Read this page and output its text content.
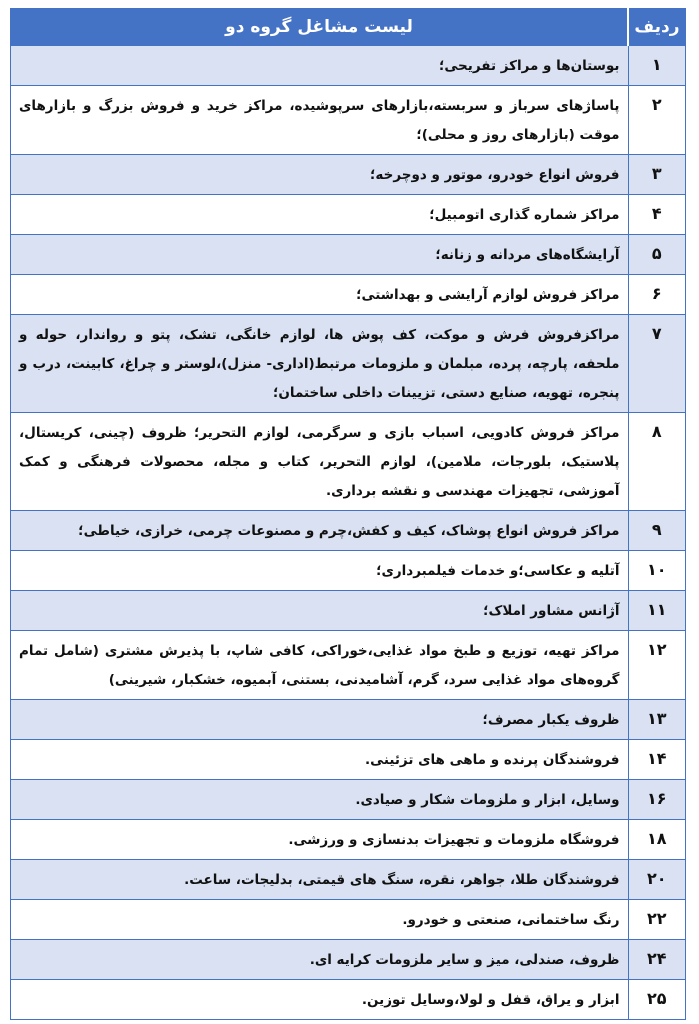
ردیف	لیست مشاغل گروه دو
۱	بوستان‌ها و مراکز تفریحی؛
۲	پاساژهای سرباز و سربسته،بازارهای سرپوشیده، مراکز خرید و فروش بزرگ و بازارهای موقت (بازارهای روز و محلی)؛
۳	فروش انواع خودرو، موتور و دوچرخه؛
۴	مراکز شماره گذاری اتومبیل؛
۵	آرایشگاه‌های مردانه و زنانه؛
۶	مراکز فروش لوازم آرایشی و بهداشتی؛
۷	مراکزفروش فرش و موکت، کف پوش ها، لوازم خانگی، تشک، پتو و رواندار، حوله و ملحفه، پارچه، پرده، مبلمان و ملزومات مرتبط(اداری- منزل)،لوستر و چراغ، کابینت، درب و پنجره، تهویه، صنایع دستی، تزیینات داخلی ساختمان؛
۸	مراکز فروش کادویی، اسباب بازی و سرگرمی، لوازم التحریر؛ ظروف (چینی، کریستال، پلاستیک، بلورجات، ملامین)، لوازم التحریر، کتاب و مجله، محصولات فرهنگی و کمک آموزشی، تجهیزات مهندسی و نقشه برداری.
۹	مراکز فروش انواع پوشاک، کیف و کفش،چرم و مصنوعات چرمی، خرازی، خیاطی؛
۱۰	آتلیه و عکاسی؛و خدمات فیلمبرداری؛
۱۱	آژانس مشاور املاک؛
۱۲	مراکز تهیه، توزیع و طبخ مواد غذایی،خوراکی، کافی شاپ، با پذیرش مشتری (شامل تمام گروه‌های مواد غذایی سرد، گرم، آشامیدنی، بستنی، آبمیوه، خشکبار، شیرینی)
۱۳	ظروف یکبار مصرف؛
۱۴	فروشندگان پرنده و ماهی های تزئینی.
۱۶	وسایل، ابزار و ملزومات شکار و صیادی.
۱۸	فروشگاه ملزومات و تجهیزات بدنسازی و ورزشی.
۲۰	فروشندگان طلا، جواهر، نقره، سنگ های قیمتی، بدلیجات، ساعت.
۲۲	رنگ ساختمانی، صنعتی و خودرو.
۲۴	ظروف، صندلی، میز و سایر ملزومات کرایه ای.
۲۵	ابزار و یراق، قفل و لولا،وسایل توزین.
